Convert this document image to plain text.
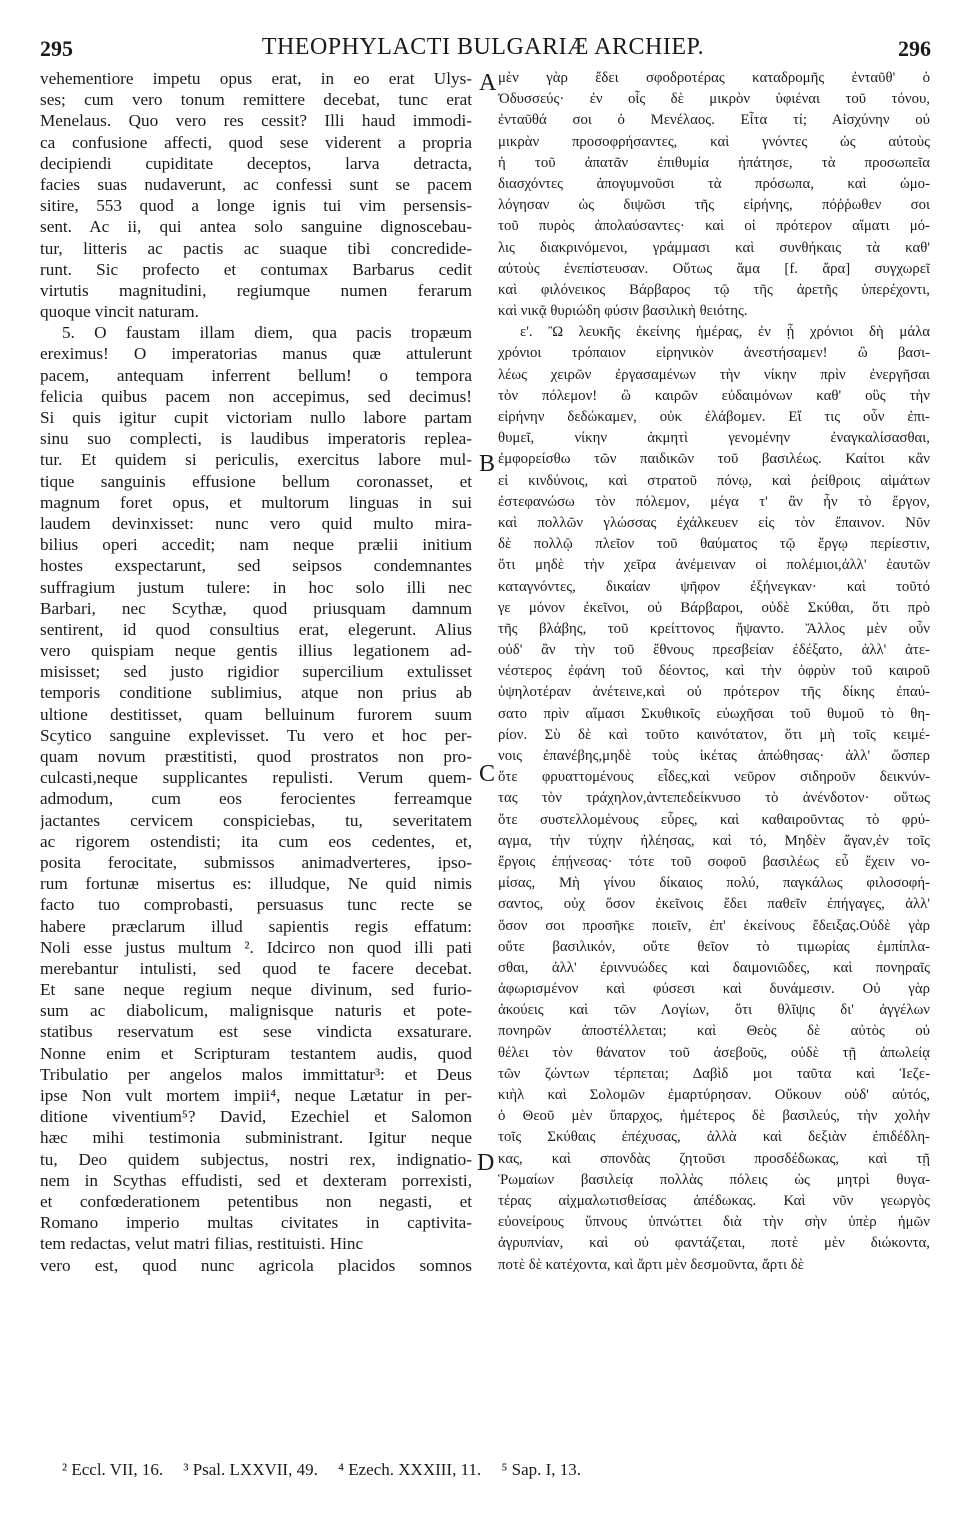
295	THEOPHYLACTI BULGARIÆ ARCHIEP.	296
vehementiore impetu opus erat, in eo erat Ulys-
ses; cum vero tonum remittere decebat, tunc erat
Menelaus. Quo vero res cessit? Illi haud immodi-
ca confusione affecti, quod sese viderent a propria
decipiendi cupiditate deceptos, larva detracta,
facies suas nudaverunt, ac confessi sunt se pacem
sitire, 553 quod a longe ignis tui vim persensis-
sent. Ac ii, qui antea solo sanguine dignoscebau-
tur, litteris ac pactis ac suaque tibi concredide-
runt. Sic profecto et contumax Barbarus cedit
virtutis magnitudini, regiumque numen ferarum
quoque vincit naturam.
5. O faustam illam diem, qua pacis tropæum
ereximus! O imperatorias manus quæ attulerunt
pacem, antequam inferrent bellum! o tempora
felicia quibus pacem non accepimus, sed decimus!
Si quis igitur cupit victoriam nullo labore partam
sinu suo complecti, is laudibus imperatoris replea-
tur. Et quidem si periculis, exercitus labore mul-
tique sanguinis effusione bellum coronasset, et
magnum foret opus, et multorum linguas in sui
laudem devinxisset: nunc vero quid multo mira-
bilius operi accedit; nam neque prælii initium
hostes exspectarunt, sed seipsos condemnantes
suffragium justum tulere: in hoc solo illi nec
Barbari, nec Scythæ, quod priusquam damnum
sentirent, id quod consultius erat, elegerunt. Alius
vero quispiam neque gentis illius legationem ad-
misisset; sed justo rigidior supercilium extulisset
temporis conditione sublimius, atque non prius ab
ultione destitisset, quam belluinum furorem suum
Scytico sanguine explevisset. Tu vero et hoc per-
quam novum præstitisti, quod prostratos non pro-
culcasti,neque supplicantes repulisti. Verum quem-
admodum, cum eos ferocientes ferreamque
jactantes cervicem conspiciebas, tu, severitatem
ac rigorem ostendisti; ita cum eos cedentes, et,
posita ferocitate, submissos animadverteres, ipso-
rum fortunæ misertus es: illudque, Ne quid nimis
facto tuo comprobasti, persuasus tunc recte se
habere præclarum illud sapientis regis effatum:
Noli esse justus multum ². Idcirco non quod illi pati
merebantur intulisti, sed quod te facere decebat.
Et sane neque regium neque divinum, sed furio-
sum ac diabolicum, malignisque naturis et pote-
statibus reservatum est sese vindicta exsaturare.
Nonne enim et Scripturam testantem audis, quod
Tribulatio per angelos malos immittatur³: et Deus
ipse Non vult mortem impii⁴, neque Lætatur in per-
ditione viventium⁵? David, Ezechiel et Salomon
hæc mihi testimonia subministrant. Igitur neque
tu, Deo quidem subjectus, nostri rex, indignatio-
nem in Scythas effudisti, sed et dexteram porrexisti,
et confœderationem petentibus non negasti, et
Romano imperio multas civitates in captivita-
tem redactas, velut matri filias, restituisti. Hinc
vero est, quod nunc agricola placidos somnos
A
B
C
D
μὲν γὰρ ἔδει σφοδροτέρας καταδρομῆς ἐνταῦθ' ὁ
Ὀδυσσεύς· ἐν οἷς δὲ μικρὸν ὑφιέναι τοῦ τόνου,
ἐνταῦθά σοι ὁ Μενέλαος. Εἶτα τί; Αἰσχύνην οὐ
μικρὰν προσοφρήσαντες, καὶ γνόντες ὡς αὐτοὺς
ἡ τοῦ ἀπατᾶν ἐπιθυμία ἠπάτησε, τὰ προσωπεῖα
διασχόντες ἀπογυμνοῦσι τὰ πρόσωπα, καὶ ὡμο-
λόγησαν ὡς διψῶσι τῆς εἰρήνης, πόῤῥωθεν σοι
τοῦ πυρὸς ἀπολαύσαντες· καὶ οἱ πρότερον αἵματι μό-
λις διακρινόμενοι, γράμμασι καὶ συνθήκαις τὰ καθ'
αὐτοὺς ἐνεπίστευσαν. Οὕτως ἅμα [f. ἄρα] συγχωρεῖ
καὶ φιλόνεικος Βάρβαρος τῷ τῆς ἀρετῆς ὑπερέχοντι,
καὶ νικᾷ θυριώδη φύσιν βασιλικὴ θειότης.
ε'. Ὢ λευκῆς ἐκείνης ἡμέρας, ἐν ᾗ χρόνιοι δὴ μάλα
χρόνιοι τρόπαιον εἰρηνικὸν ἀνεστήσαμεν! ὢ βασι-
λέως χειρῶν ἐργασαμένων τὴν νίκην πρὶν ἐνεργῆσαι
τὸν πόλεμον! ὢ καιρῶν εὐδαιμόνων καθ' οὓς τὴν
εἰρήνην δεδώκαμεν, οὐκ ἐλάβομεν. Εἴ τις οὖν ἐπι-
θυμεῖ, νίκην ἀκμητὶ γενομένην ἐναγκαλίσασθαι,
ἐμφορείσθω τῶν παιδικῶν τοῦ βασιλέως. Καίτοι κἂν
εἰ κινδύνοις, καὶ στρατοῦ πόνῳ, καὶ ῥείθροις αἱμάτων
ἐστεφανώσω τὸν πόλεμον, μέγα τ' ἂν ἦν τὸ ἔργον,
καὶ πολλῶν γλώσσας ἐχάλκευεν εἰς τὸν ἔπαινον. Νῦν
δὲ πολλῷ πλεῖον τοῦ θαύματος τῷ ἔργῳ περίεστιν,
ὅτι μηδὲ τὴν χεῖρα ἀνέμειναν οἱ πολέμιοι,ἀλλ' ἑαυτῶν
καταγνόντες, δικαίαν ψῆφον ἐξήνεγκαν· καὶ τοῦτό
γε μόνον ἐκεῖνοι, οὐ Βάρβαροι, οὐδὲ Σκύθαι, ὅτι πρὸ
τῆς βλάβης, τοῦ κρείττονος ἥψαντο. Ἄλλος μὲν οὖν
οὐδ' ἂν τὴν τοῦ ἔθνους πρεσβείαν ἐδέξατο, ἀλλ' ἀτε-
νέστερος ἐφάνη τοῦ δέοντος, καὶ τὴν ὀφρὺν τοῦ καιροῦ
ὑψηλοτέραν ἀνέτεινε,καὶ οὐ πρότερον τῆς δίκης ἐπαύ-
σατο πρὶν αἵμασι Σκυθικοῖς εὐωχῆσαι τοῦ θυμοῦ τὸ θη-
ρίον. Σὺ δὲ καὶ τοῦτο καινότατον, ὅτι μὴ τοῖς κειμέ-
νοις ἐπανέβης,μηδὲ τοὺς ἱκέτας ἀπώθησας· ἀλλ' ὥσπερ
ὅτε φρυαττομένους εἶδες,καὶ νεῦρον σιδηροῦν δεικνύν-
τας τὸν τράχηλον,ἀντεπεδείκνυσο τὸ ἀνένδοτον· οὕτως
ὅτε συστελλομένους εὗρες, καὶ καθαιροῦντας τὸ φρύ-
αγμα, τὴν τύχην ἠλέησας, καὶ τό, Μηδὲν ἄγαν,ἐν τοῖς
ἔργοις ἐπῄνεσας· τότε τοῦ σοφοῦ βασιλέως εὖ ἔχειν νο-
μίσας, Μὴ γίνου δίκαιος πολύ, παγκάλως φιλοσοφή-
σαντος, οὐχ ὅσον ἐκεῖνοις ἔδει παθεῖν ἐπήγαγες, ἀλλ'
ὅσον σοι προσῆκε ποιεῖν, ἐπ' ἐκείνους ἔδειξας.Οὐδὲ γὰρ
οὔτε βασιλικόν, οὔτε θεῖον τὸ τιμωρίας ἐμπίπλα-
σθαι, ἀλλ' ἐριννυώδες καὶ δαιμονιῶδες, καὶ πονηραῖς
ἀφωρισμένον καὶ φύσεσι καὶ δυνάμεσιν. Οὐ γὰρ
ἀκούεις καὶ τῶν Λογίων, ὅτι θλῖψις δι' ἀγγέλων
πονηρῶν ἀποστέλλεται; καὶ Θεὸς δὲ αὐτὸς οὐ
θέλει τὸν θάνατον τοῦ ἀσεβοῦς, οὐδὲ τῇ ἀπωλείᾳ
τῶν ζώντων τέρπεται; Δαβὶδ μοι ταῦτα καὶ Ἰεζε-
κιὴλ καὶ Σολομῶν ἐμαρτύρησαν. Οὔκουν οὐδ' αὐτός,
ὁ Θεοῦ μὲν ὕπαρχος, ἡμέτερος δὲ βασιλεύς, τὴν χολὴν
τοῖς Σκύθαις ἐπέχυσας, ἀλλὰ καὶ δεξιὰν ἐπιδέδλη-
κας, καὶ σπονδὰς ζητοῦσι προσδέδωκας, καὶ τῇ
Ῥωμαίων βασιλείᾳ πολλὰς πόλεις ὡς μητρὶ θυγα-
τέρας αἰχμαλωτισθείσας ἀπέδωκας. Καὶ νῦν γεωργὸς
εὐονείρους ὕπνους ὑπνώττει διὰ τὴν σὴν ὑπὲρ ἡμῶν
ἀγρυπνίαν, καὶ οὐ φαντάζεται, ποτὲ μὲν διώκοντα,
ποτὲ δὲ κατέχοντα, καὶ ἄρτι μὲν δεσμοῦντα, ἄρτι δὲ
² Eccl. VII, 16. ³ Psal. LXXVII, 49. ⁴ Ezech. XXXIII, 11. ⁵ Sap. I, 13.
